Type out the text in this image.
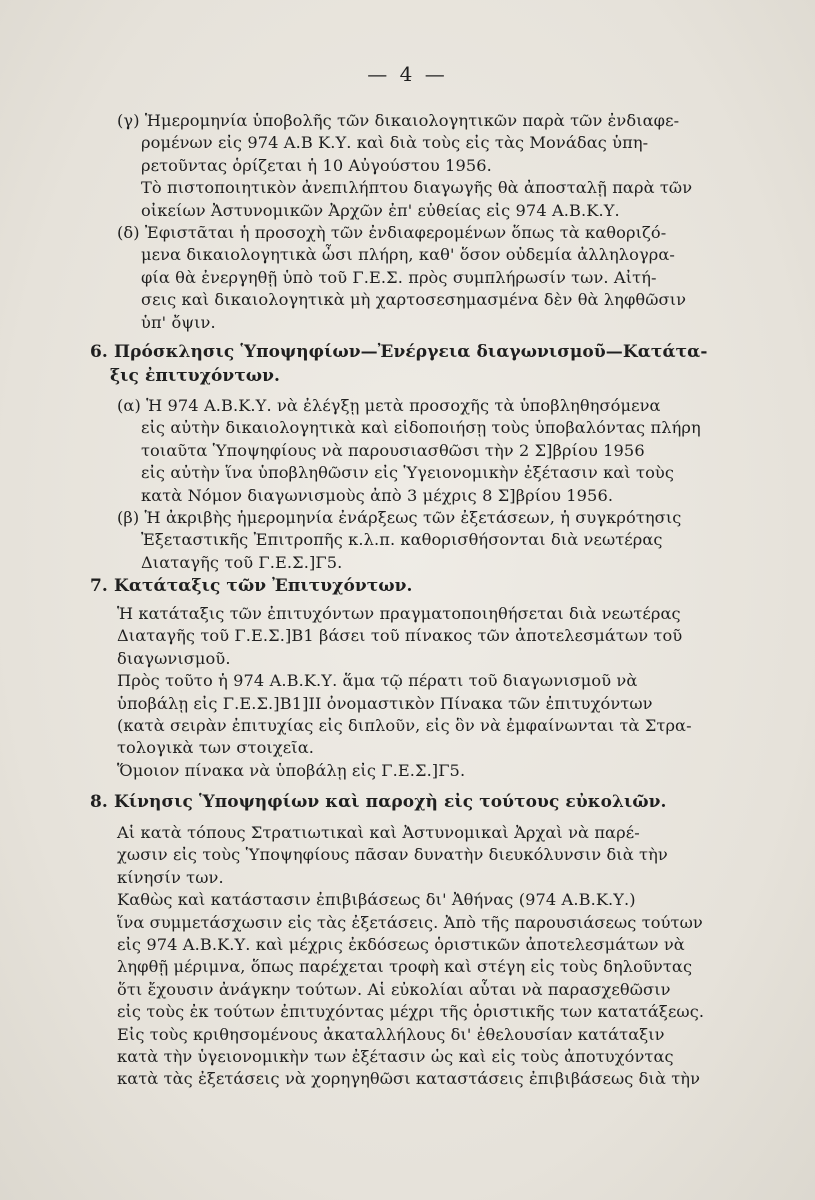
— 4 —
(γ) Ἡμερομηνία ὑποβολῆς τῶν δικαιολογητικῶν παρὰ τῶν ἐνδιαφε-
ρομένων εἰς 974 Α.Β Κ.Υ. καὶ διὰ τοὺς εἰς τὰς Μονάδας ὑπη-
ρετοῦντας ὁρίζεται ἡ 10 Αὐγούστου 1956.
Τὸ πιστοποιητικὸν ἀνεπιλήπτου διαγωγῆς θὰ ἀποσταλῇ παρὰ τῶν
οἰκείων Ἀστυνομικῶν Ἀρχῶν ἐπ' εὐθείας εἰς 974 Α.Β.Κ.Υ.
(δ) Ἐφιστᾶται ἡ προσοχὴ τῶν ἐνδιαφερομένων ὅπως τὰ καθοριζό-
μενα δικαιολογητικὰ ὦσι πλήρη, καθ' ὅσον οὐδεμία ἀλληλογρα-
φία θὰ ἐνεργηθῇ ὑπὸ τοῦ Γ.Ε.Σ. πρὸς συμπλήρωσίν των. Αἰτή-
σεις καὶ δικαιολογητικὰ μὴ χαρτοσεσημασμένα δὲν θὰ ληφθῶσιν
ὑπ' ὄψιν.
6. Πρόσκλησις Ὑποψηφίων—Ἐνέργεια διαγωνισμοῦ—Κατάτα-
ξις ἐπιτυχόντων.
(α) Ἡ 974 Α.Β.Κ.Υ. νὰ ἐλέγξῃ μετὰ προσοχῆς τὰ ὑποβληθησόμενα
εἰς αὐτὴν δικαιολογητικὰ καὶ εἰδοποιήσῃ τοὺς ὑποβαλόντας πλήρη
τοιαῦτα Ὑποψηφίους νὰ παρουσιασθῶσι τὴν 2 Σ]βρίου 1956
εἰς αὐτὴν ἵνα ὑποβληθῶσιν εἰς Ὑγειονομικὴν ἐξέτασιν καὶ τοὺς
κατὰ Νόμον διαγωνισμοὺς ἀπὸ 3 μέχρις 8 Σ]βρίου 1956.
(β) Ἡ ἀκριβὴς ἡμερομηνία ἐνάρξεως τῶν ἐξετάσεων, ἡ συγκρότησις
Ἐξεταστικῆς Ἐπιτροπῆς κ.λ.π. καθορισθήσονται διὰ νεωτέρας
Διαταγῆς τοῦ Γ.Ε.Σ.]Γ5.
7. Κατάταξις τῶν Ἐπιτυχόντων.
Ἡ κατάταξις τῶν ἐπιτυχόντων πραγματοποιηθήσεται διὰ νεωτέρας
Διαταγῆς τοῦ Γ.Ε.Σ.]Β1 βάσει τοῦ πίνακος τῶν ἀποτελεσμάτων τοῦ
διαγωνισμοῦ.
Πρὸς τοῦτο ἡ 974 Α.Β.Κ.Υ. ἅμα τῷ πέρατι τοῦ διαγωνισμοῦ νὰ
ὑποβάλῃ εἰς Γ.Ε.Σ.]Β1]ΙΙ ὀνομαστικὸν Πίνακα τῶν ἐπιτυχόντων
(κατὰ σειρὰν ἐπιτυχίας εἰς διπλοῦν, εἰς ὃν νὰ ἐμφαίνωνται τὰ Στρα-
τολογικὰ των στοιχεῖα.
Ὅμοιον πίνακα νὰ ὑποβάλῃ εἰς Γ.Ε.Σ.]Γ5.
8. Κίνησις Ὑποψηφίων καὶ παροχὴ εἰς τούτους εὐκολιῶν.
Αἱ κατὰ τόπους Στρατιωτικαὶ καὶ Ἀστυνομικαὶ Ἀρχαὶ νὰ παρέ-
χωσιν εἰς τοὺς Ὑποψηφίους πᾶσαν δυνατὴν διευκόλυνσιν διὰ τὴν
κίνησίν των.
Καθὼς καὶ κατάστασιν ἐπιβιβάσεως δι' Ἀθήνας (974 Α.Β.Κ.Υ.)
ἵνα συμμετάσχωσιν εἰς τὰς ἐξετάσεις. Ἀπὸ τῆς παρουσιάσεως τούτων
εἰς 974 Α.Β.Κ.Υ. καὶ μέχρις ἐκδόσεως ὁριστικῶν ἀποτελεσμάτων νὰ
ληφθῇ μέριμνα, ὅπως παρέχεται τροφὴ καὶ στέγη εἰς τοὺς δηλοῦντας
ὅτι ἔχουσιν ἀνάγκην τούτων. Αἱ εὐκολίαι αὗται νὰ παρασχεθῶσιν
εἰς τοὺς ἐκ τούτων ἐπιτυχόντας μέχρι τῆς ὁριστικῆς των κατατάξεως.
Εἰς τοὺς κριθησομένους ἀκαταλλήλους δι' ἐθελουσίαν κατάταξιν
κατὰ τὴν ὑγειονομικὴν των ἐξέτασιν ὡς καὶ εἰς τοὺς ἀποτυχόντας
κατὰ τὰς ἐξετάσεις νὰ χορηγηθῶσι καταστάσεις ἐπιβιβάσεως διὰ τὴν
